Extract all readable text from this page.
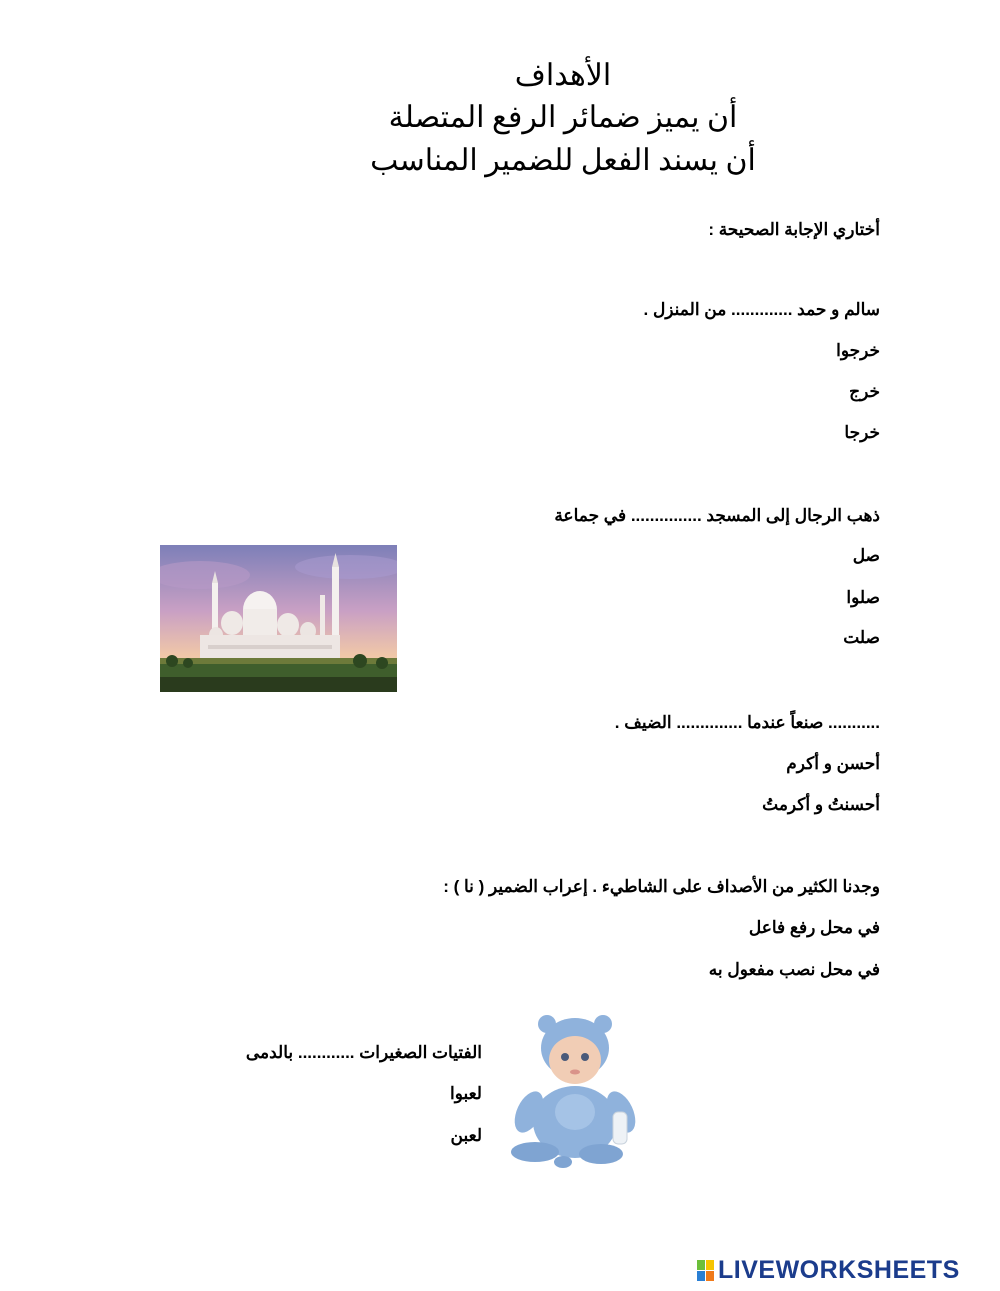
الأهداف
أن يميز ضمائر الرفع المتصلة
أن يسند الفعل للضمير المناسب
أختاري الإجابة الصحيحة :
سالم و حمد ............. من المنزل .
خرجوا
خرج
خرجا
ذهب الرجال إلى المسجد ............... في جماعة
صل
صلوا
صلت
........... صنعاً عندما .............. الضيف .
أحسن و أكرم
أحسنتُ و أكرمتُ
وجدنا الكثير من الأصداف على الشاطيء . إعراب الضمير ( نا ) :
في محل رفع فاعل
في محل نصب مفعول به
الفتيات الصغيرات ............ بالدمى
لعبوا
لعبن
LIVEWORKSHEETS
